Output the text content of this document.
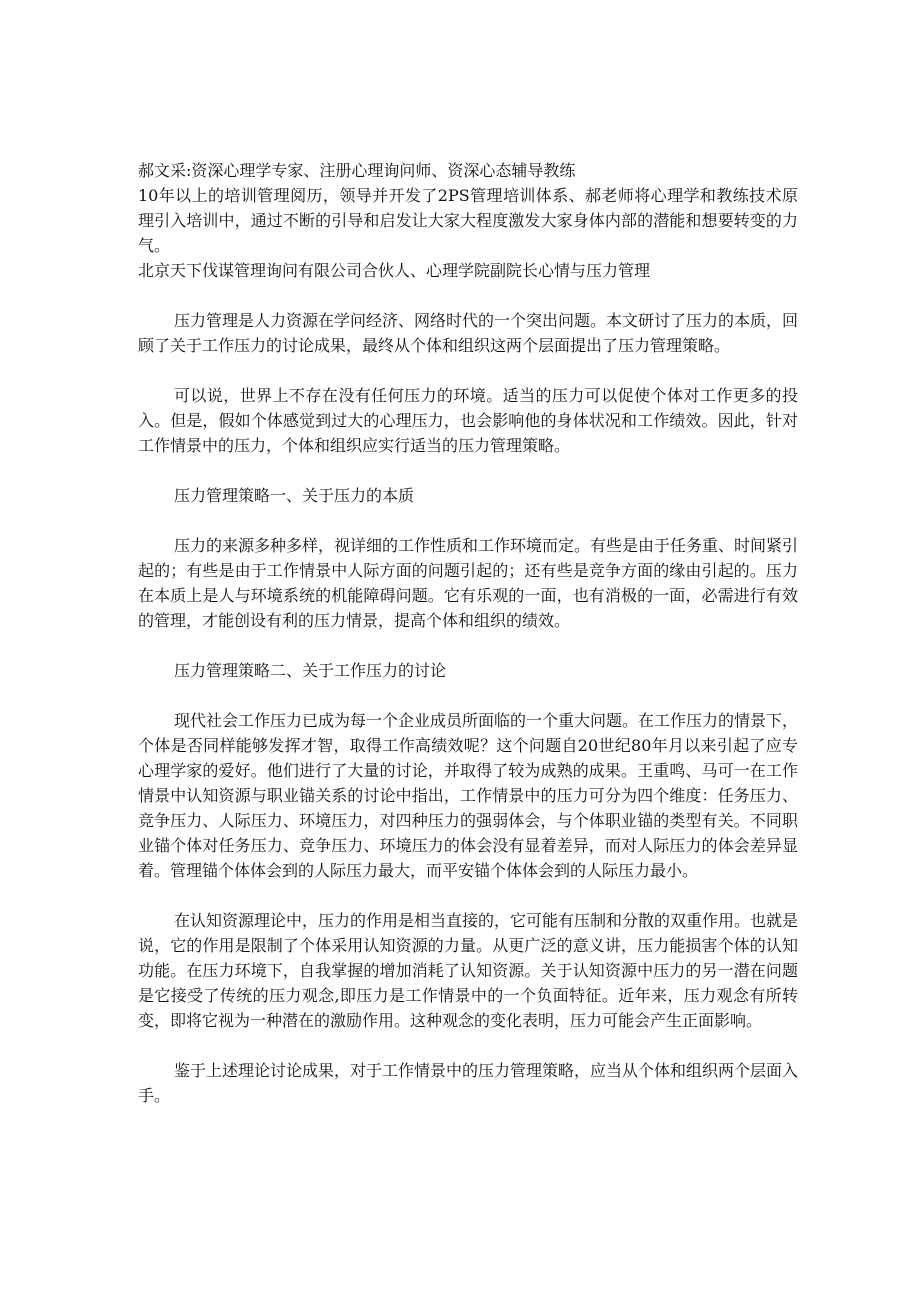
郝文采:资深心理学专家、注册心理询问师、资深心态辅导教练

10年以上的培训管理阅历，领导并开发了2PS管理培训体系、郝老师将心理学和教练技术原理引入培训中，通过不断的引导和启发让大家大程度激发大家身体内部的潜能和想要转变的力气。

北京天下伐谋管理询问有限公司合伙人、心理学院副院长心情与压力管理

压力管理是人力资源在学问经济、网络时代的一个突出问题。本文研讨了压力的本质，回顾了关于工作压力的讨论成果，最终从个体和组织这两个层面提出了压力管理策略。

可以说，世界上不存在没有任何压力的环境。适当的压力可以促使个体对工作更多的投入。但是，假如个体感觉到过大的心理压力，也会影响他的身体状况和工作绩效。因此，针对工作情景中的压力，个体和组织应实行适当的压力管理策略。

压力管理策略一、关于压力的本质

压力的来源多种多样，视详细的工作性质和工作环境而定。有些是由于任务重、时间紧引起的；有些是由于工作情景中人际方面的问题引起的；还有些是竞争方面的缘由引起的。压力在本质上是人与环境系统的机能障碍问题。它有乐观的一面，也有消极的一面，必需进行有效的管理，才能创设有利的压力情景，提高个体和组织的绩效。

压力管理策略二、关于工作压力的讨论

现代社会工作压力已成为每一个企业成员所面临的一个重大问题。在工作压力的情景下，个体是否同样能够发挥才智，取得工作高绩效呢？这个问题自20世纪80年月以来引起了应专心理学家的爱好。他们进行了大量的讨论，并取得了较为成熟的成果。王重鸣、马可一在工作情景中认知资源与职业锚关系的讨论中指出，工作情景中的压力可分为四个维度：任务压力、竞争压力、人际压力、环境压力，对四种压力的强弱体会，与个体职业锚的类型有关。不同职业锚个体对任务压力、竞争压力、环境压力的体会没有显着差异，而对人际压力的体会差异显着。管理锚个体体会到的人际压力最大，而平安锚个体体会到的人际压力最小。

在认知资源理论中，压力的作用是相当直接的，它可能有压制和分散的双重作用。也就是说，它的作用是限制了个体采用认知资源的力量。从更广泛的意义讲，压力能损害个体的认知功能。在压力环境下，自我掌握的增加消耗了认知资源。关于认知资源中压力的另一潜在问题是它接受了传统的压力观念,即压力是工作情景中的一个负面特征。近年来，压力观念有所转变，即将它视为一种潜在的激励作用。这种观念的变化表明，压力可能会产生正面影响。

鉴于上述理论讨论成果，对于工作情景中的压力管理策略，应当从个体和组织两个层面入手。
